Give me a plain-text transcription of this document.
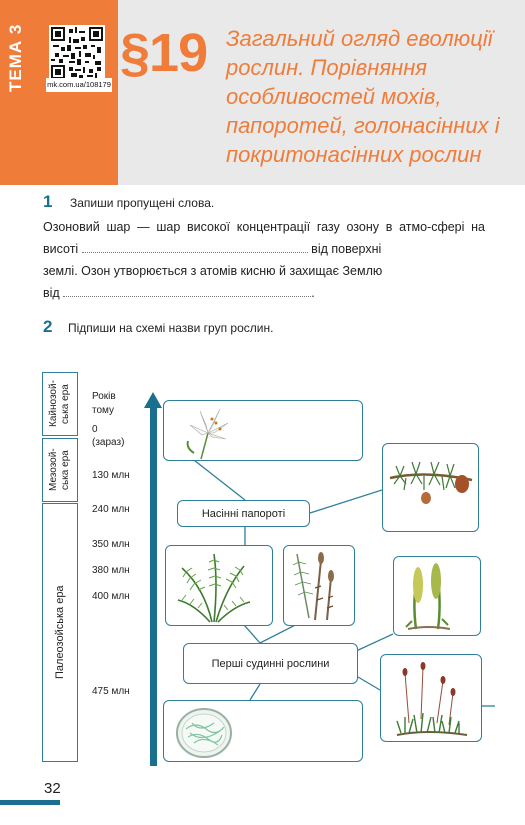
ТЕМА 3	mk.com.ua/108179
§19 Загальний огляд еволюції рослин. Порівняння особливостей мохів, папоротей, голонасінних і покритонасінних рослин
1 Запиши пропущені слова.
Озоновий шар — шар високої концентрації газу озону в атмо-сфері на висоті	від поверхні
землі. Озон утворюється з атомів кисню й захищає Землю
від	.
2 Підпиши на схемі назви груп рослин.
Кайнозой-ська ера
Мезозой-ська ера
Палеозойська ера
Років
тому
0
(зараз)
130 млн
240 млн
350 млн
380 млн
400 млн
475 млн
Насінні папороті
Перші судинні рослини
32
